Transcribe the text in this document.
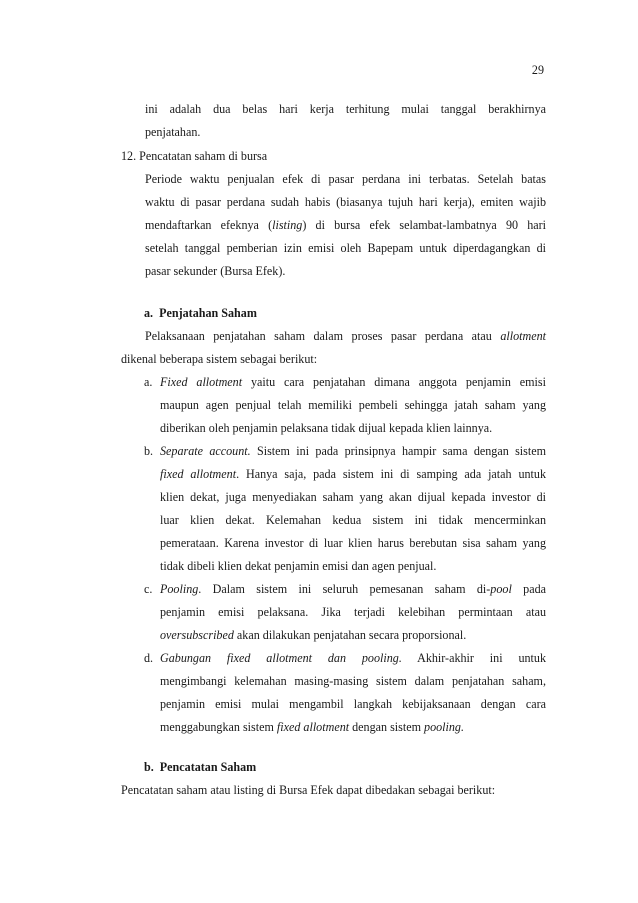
29
ini adalah dua belas hari kerja terhitung mulai tanggal berakhirnya
penjatahan.
12. Pencatatan saham di bursa
Periode waktu penjualan efek di pasar perdana ini terbatas. Setelah batas
waktu di pasar perdana sudah habis (biasanya tujuh hari kerja), emiten wajib
mendaftarkan efeknya (listing) di bursa efek selambat-lambatnya 90 hari
setelah tanggal pemberian izin emisi oleh Bapepam untuk diperdagangkan di
pasar sekunder (Bursa Efek).
a.  Penjatahan Saham
Pelaksanaan penjatahan saham dalam proses pasar perdana atau allotment
dikenal beberapa sistem sebagai berikut:
a. Fixed allotment yaitu cara penjatahan dimana anggota penjamin emisi
maupun agen penjual telah memiliki pembeli sehingga jatah saham yang
diberikan oleh penjamin pelaksana tidak dijual kepada klien lainnya.
b. Separate account. Sistem ini pada prinsipnya hampir sama dengan sistem
fixed allotment. Hanya saja, pada sistem ini di samping ada jatah untuk
klien dekat, juga menyediakan saham yang akan dijual kepada investor di
luar klien dekat. Kelemahan kedua sistem ini tidak mencerminkan
pemerataan. Karena investor di luar klien harus berebutan sisa saham yang
tidak dibeli klien dekat penjamin emisi dan agen penjual.
c. Pooling. Dalam sistem ini seluruh pemesanan saham di-pool pada
penjamin emisi pelaksana. Jika terjadi kelebihan permintaan atau
oversubscribed akan dilakukan penjatahan secara proporsional.
d. Gabungan fixed allotment dan pooling. Akhir-akhir ini untuk
mengimbangi kelemahan masing-masing sistem dalam penjatahan saham,
penjamin emisi mulai mengambil langkah kebijaksanaan dengan cara
menggabungkan sistem fixed allotment dengan sistem pooling.
b.  Pencatatan Saham
Pencatatan saham atau listing di Bursa Efek dapat dibedakan sebagai berikut:
